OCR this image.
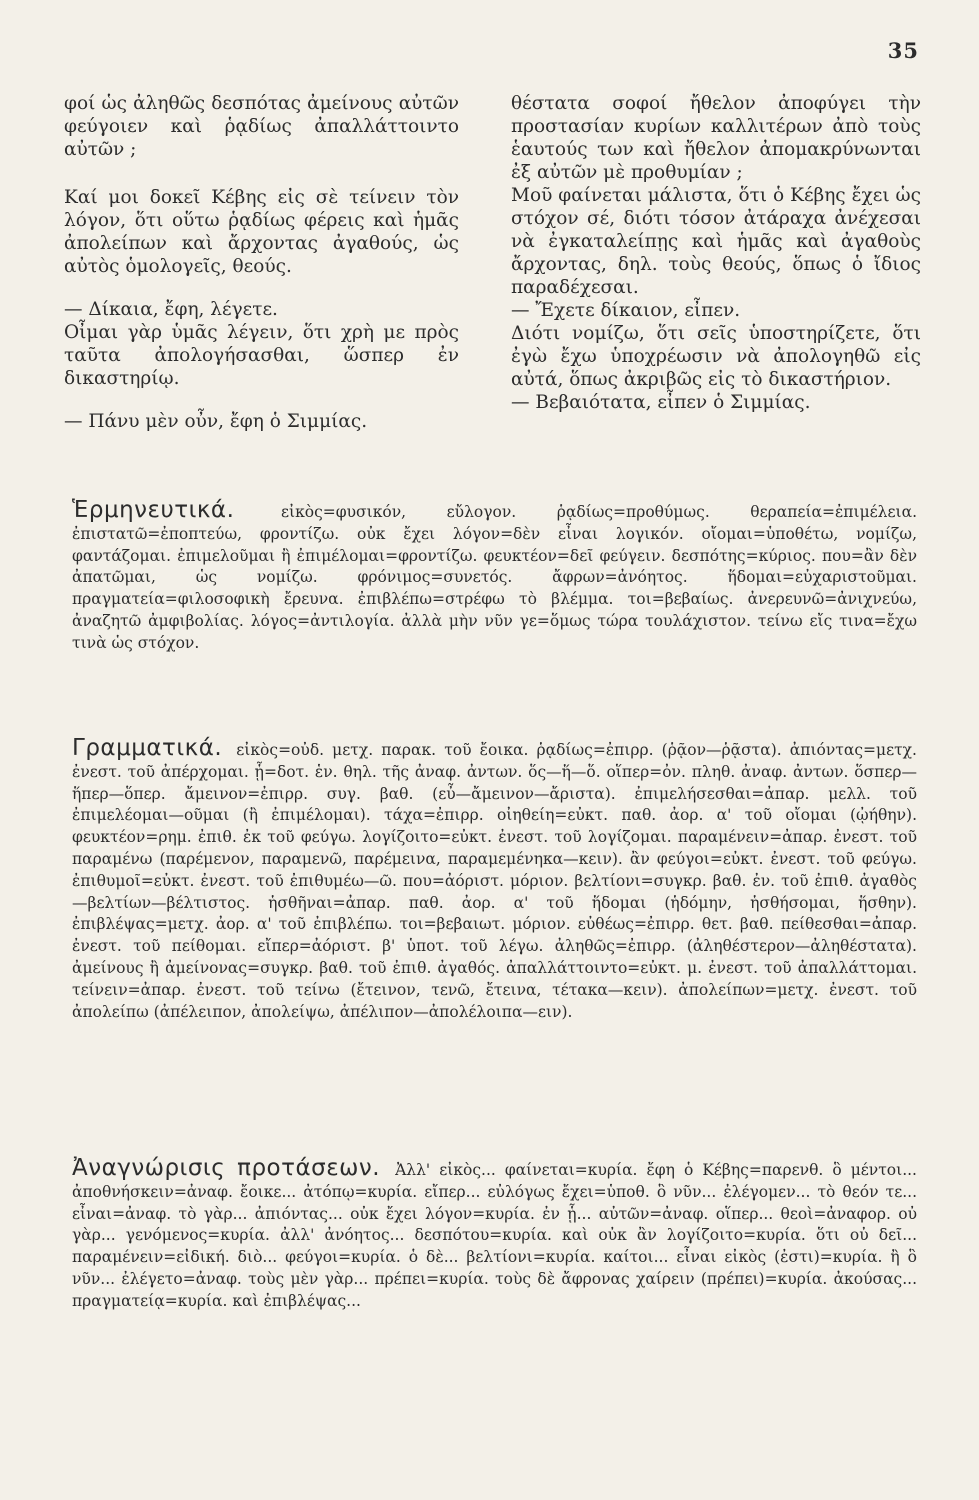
35

φοί ὡς ἀληθῶς δεσπότας ἀμείνους αὐτῶν φεύγοιεν καὶ ῥᾳδίως ἀπαλλάττοιντο αὐτῶν ;

Καί μοι δοκεῖ Κέβης εἰς σὲ τείνειν τὸν λόγον, ὅτι οὕτω ῥᾳδίως φέρεις καὶ ἡμᾶς ἀπολείπων καὶ ἄρχοντας ἀγαθούς, ὡς αὐτὸς ὁμολογεῖς, θεούς.

— Δίκαια, ἔφη, λέγετε.

Οἶμαι γὰρ ὑμᾶς λέγειν, ὅτι χρὴ με πρὸς ταῦτα ἀπολογήσασθαι, ὥσπερ ἐν δικαστηρίῳ.

— Πάνυ μὲν οὖν, ἔφη ὁ Σιμμίας.

θέστατα σοφοί ἤθελον ἀποφύγει τὴν προστασίαν κυρίων καλλιτέρων ἀπὸ τοὺς ἑαυτούς των καὶ ἤθελον ἀπομακρύνωνται ἐξ αὐτῶν μὲ προθυμίαν ;

Μοῦ φαίνεται μάλιστα, ὅτι ὁ Κέβης ἔχει ὡς στόχον σέ, διότι τόσον ἀτάραχα ἀνέχεσαι νὰ ἐγκαταλείπῃς καὶ ἡμᾶς καὶ ἀγαθοὺς ἄρχοντας, δηλ. τοὺς θεούς, ὅπως ὁ ἴδιος παραδέχεσαι.

— Ἔχετε δίκαιον, εἶπεν.

Διότι νομίζω, ὅτι σεῖς ὑποστηρίζετε, ὅτι ἐγὼ ἔχω ὑποχρέωσιν νὰ ἀπολογηθῶ εἰς αὐτά, ὅπως ἀκριβῶς εἰς τὸ δικαστήριον.

— Βεβαιότατα, εἶπεν ὁ Σιμμίας.

Ἑρμηνευτικά.	εἰκὸς=φυσικόν, εὔλογον. ῥᾳδίως=προθύμως. θεραπεία=ἐπιμέλεια. ἐπιστατῶ=ἐποπτεύω, φροντίζω. οὐκ ἔχει λόγον=δὲν εἶναι λογικόν. οἴομαι=ὑποθέτω, νομίζω, φαντάζομαι. ἐπιμελοῦμαι ἢ ἐπιμέλομαι=φροντίζω. φευκτέον=δεῖ φεύγειν. δεσπότης=κύριος. που=ἂν δὲν ἀπατῶμαι, ὡς νομίζω. φρόνιμος=συνετός. ἄφρων=ἀνόητος. ἥδομαι=εὐχαριστοῦμαι. πραγματεία=φιλοσοφικὴ ἔρευνα. ἐπιβλέπω=στρέφω τὸ βλέμμα. τοι=βεβαίως. ἀνερευνῶ=ἀνιχνεύω, ἀναζητῶ ἀμφιβολίας. λόγος=ἀντιλογία. ἀλλὰ μὴν νῦν γε=ὅμως τώρα τουλάχιστον. τείνω εἴς τινα=ἔχω τινὰ ὡς στόχον.

Γραμματικά. εἰκὸς=οὐδ. μετχ. παρακ. τοῦ ἔοικα. ῥᾳδίως=ἐπιρρ. (ῥᾷον—ῥᾷστα). ἀπιόντας=μετχ. ἐνεστ. τοῦ ἀπέρχομαι. ᾗ=δοτ. ἑν. θηλ. τῆς ἀναφ. ἀντων. ὅς—ἥ—ὅ. οἵπερ=ὀν. πληθ. ἀναφ. ἀντων. ὅσπερ—ἥπερ—ὅπερ. ἄμεινον=ἐπιρρ. συγ. βαθ. (εὖ—ἄμεινον—ἄριστα). ἐπιμελήσεσθαι=ἀπαρ. μελλ. τοῦ ἐπιμελέομαι—οῦμαι (ἢ ἐπιμέλομαι). τάχα=ἐπιρρ. οἰηθείη=εὐκτ. παθ. ἀορ. α' τοῦ οἴομαι (ᾠήθην). φευκτέον=ρημ. ἐπιθ. ἐκ τοῦ φεύγω. λογίζοιτο=εὐκτ. ἐνεστ. τοῦ λογίζομαι. παραμένειν=ἀπαρ. ἐνεστ. τοῦ παραμένω (παρέμενον, παραμενῶ, παρέμεινα, παραμεμένηκα—κειν). ἂν φεύγοι=εὐκτ. ἐνεστ. τοῦ φεύγω. ἐπιθυμοῖ=εὐκτ. ἐνεστ. τοῦ ἐπιθυμέω—ῶ. που=ἀόριστ. μόριον. βελτίονι=συγκρ. βαθ. ἐν. τοῦ ἐπιθ. ἀγαθὸς—βελτίων—βέλτιστος. ἡσθῆναι=ἀπαρ. παθ. ἀορ. α' τοῦ ἥδομαι (ἡδόμην, ἡσθήσομαι, ἥσθην). ἐπιβλέψας=μετχ. ἀορ. α' τοῦ ἐπιβλέπω. τοι=βεβαιωτ. μόριον. εὐθέως=ἐπιρρ. θετ. βαθ. πείθεσθαι=ἀπαρ. ἐνεστ. τοῦ πείθομαι. εἴπερ=ἀόριστ. β' ὑποτ. τοῦ λέγω. ἀληθῶς=ἐπιρρ. (ἀληθέστερον—ἀληθέστατα). ἀμείνους ἢ ἀμείνονας=συγκρ. βαθ. τοῦ ἐπιθ. ἀγαθός. ἀπαλλάττοιντο=εὐκτ. μ. ἐνεστ. τοῦ ἀπαλλάττομαι. τείνειν=ἀπαρ. ἐνεστ. τοῦ τείνω (ἔτεινον, τενῶ, ἔτεινα, τέτακα—κειν). ἀπολείπων=μετχ. ἐνεστ. τοῦ ἀπολείπω (ἀπέλειπον, ἀπολείψω, ἀπέλιπον—ἀπολέλοιπα—ειν).

Ἀναγνώρισις προτάσεων. Ἀλλ' εἰκὸς... φαίνεται=κυρία. ἔφη ὁ Κέβης=παρενθ. ὃ μέντοι... ἀποθνήσκειν=ἀναφ. ἔοικε... ἀτόπῳ=κυρία. εἴπερ... εὐλόγως ἔχει=ὑποθ. ὃ νῦν... ἐλέγομεν... τὸ θεόν τε... εἶναι=ἀναφ. τὸ γὰρ... ἀπιόντας... οὐκ ἔχει λόγον=κυρία. ἐν ᾗ... αὐτῶν=ἀναφ. οἵπερ... θεοὶ=ἀναφορ. οὐ γὰρ... γενόμενος=κυρία. ἀλλ' ἀνόητος... δεσπότου=κυρία. καὶ οὐκ ἂν λογίζοιτο=κυρία. ὅτι οὐ δεῖ... παραμένειν=εἰδική. διὸ... φεύγοι=κυρία. ὁ δὲ... βελτίονι=κυρία. καίτοι... εἶναι εἰκὸς (ἐστι)=κυρία. ἢ ὃ νῦν... ἐλέγετο=ἀναφ. τοὺς μὲν γὰρ... πρέπει=κυρία. τοὺς δὲ ἄφρονας χαίρειν (πρέπει)=κυρία. ἀκούσας... πραγματείᾳ=κυρία. καὶ ἐπιβλέψας...
